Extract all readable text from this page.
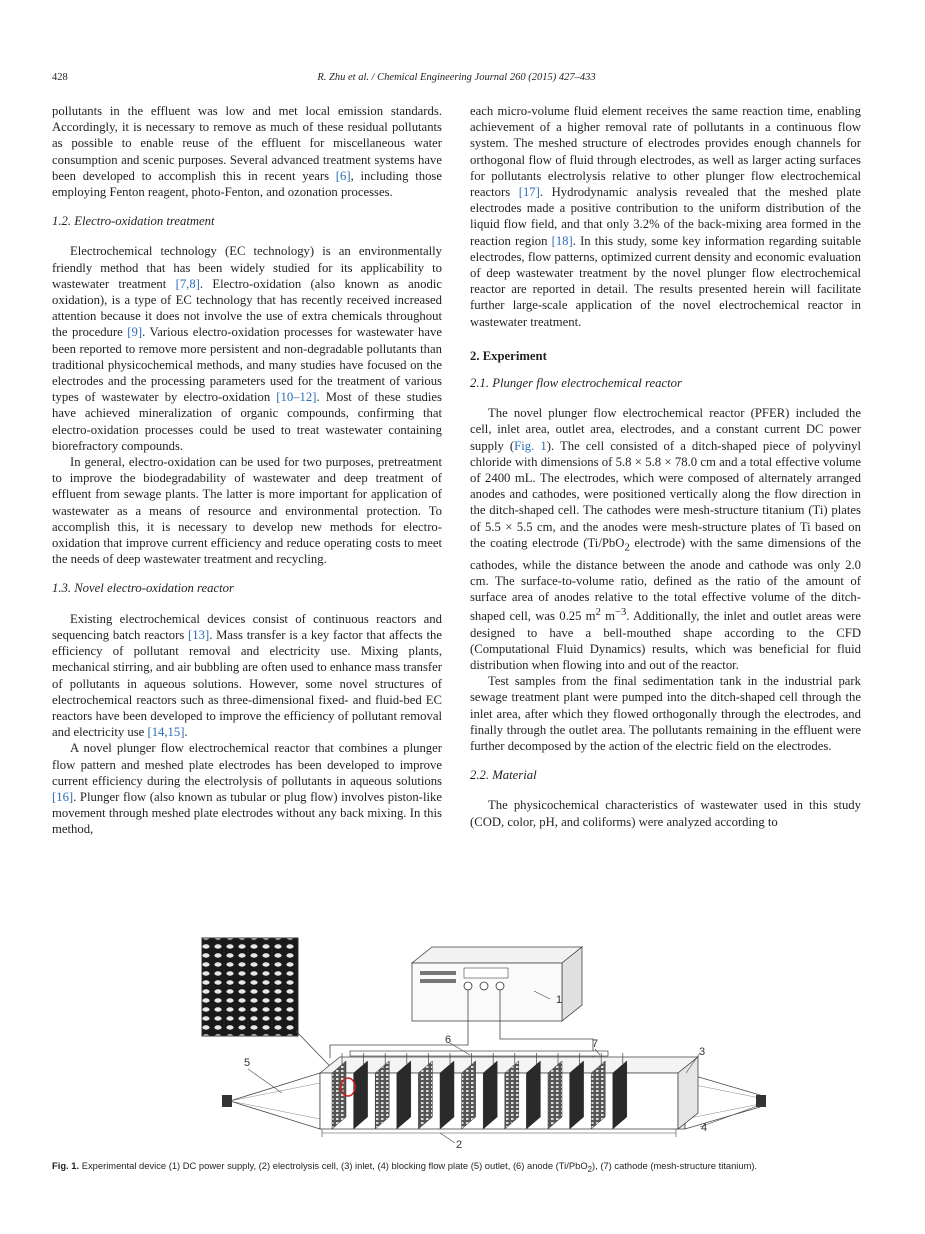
428	R. Zhu et al. / Chemical Engineering Journal 260 (2015) 427–433

pollutants in the effluent was low and met local emission standards. Accordingly, it is necessary to remove as much of these residual pollutants as possible to enable reuse of the effluent for miscellaneous water consumption and scenic purposes. Several advanced treatment systems have been developed to accomplish this in recent years [6], including those employing Fenton reagent, photo-Fenton, and ozonation processes.

1.2. Electro-oxidation treatment

Electrochemical technology (EC technology) is an environmentally friendly method that has been widely studied for its applicability to wastewater treatment [7,8]. Electro-oxidation (also known as anodic oxidation), is a type of EC technology that has recently received increased attention because it does not involve the use of extra chemicals throughout the procedure [9]. Various electro-oxidation processes for wastewater have been reported to remove more persistent and non-degradable pollutants than traditional physicochemical methods, and many studies have focused on the electrodes and the processing parameters used for the treatment of various types of wastewater by electro-oxidation [10–12]. Most of these studies have achieved mineralization of organic compounds, confirming that electro-oxidation processes could be used to treat wastewater containing biorefractory compounds.

In general, electro-oxidation can be used for two purposes, pretreatment to improve the biodegradability of wastewater and deep treatment of effluent from sewage plants. The latter is more important for application of wastewater as a means of resource and environmental protection. To accomplish this, it is necessary to develop new methods for electro-oxidation that improve current efficiency and reduce operating costs to meet the needs of deep wastewater treatment and recycling.

1.3. Novel electro-oxidation reactor

Existing electrochemical devices consist of continuous reactors and sequencing batch reactors [13]. Mass transfer is a key factor that affects the efficiency of pollutant removal and electricity use. Mixing plants, mechanical stirring, and air bubbling are often used to enhance mass transfer of pollutants in aqueous solutions. However, some novel structures of electrochemical reactors such as three-dimensional fixed- and fluid-bed EC reactors have been developed to improve the efficiency of pollutant removal and electricity use [14,15].

A novel plunger flow electrochemical reactor that combines a plunger flow pattern and meshed plate electrodes has been developed to improve current efficiency during the electrolysis of pollutants in aqueous solutions [16]. Plunger flow (also known as tubular or plug flow) involves piston-like movement through meshed plate electrodes without any back mixing. In this method,

each micro-volume fluid element receives the same reaction time, enabling achievement of a higher removal rate of pollutants in a continuous flow system. The meshed structure of electrodes provides enough channels for orthogonal flow of fluid through electrodes, as well as larger acting surfaces for pollutants electrolysis relative to other plunger flow electrochemical reactors [17]. Hydrodynamic analysis revealed that the meshed plate electrodes made a positive contribution to the uniform distribution of the liquid flow field, and that only 3.2% of the back-mixing area formed in the reaction region [18]. In this study, some key information regarding suitable electrodes, flow patterns, optimized current density and economic evaluation of deep wastewater treatment by the novel plunger flow electrochemical reactor are reported in detail. The results presented herein will facilitate further large-scale application of the novel electrochemical reactor in wastewater treatment.

2. Experiment
2.1. Plunger flow electrochemical reactor

The novel plunger flow electrochemical reactor (PFER) included the cell, inlet area, outlet area, electrodes, and a constant current DC power supply (Fig. 1). The cell consisted of a ditch-shaped piece of polyvinyl chloride with dimensions of 5.8 × 5.8 × 78.0 cm and a total effective volume of 2400 mL. The electrodes, which were composed of alternately arranged anodes and cathodes, were positioned vertically along the flow direction in the ditch-shaped cell. The cathodes were mesh-structure titanium (Ti) plates of 5.5 × 5.5 cm, and the anodes were mesh-structure plates of Ti based on the coating electrode (Ti/PbO$_2$ electrode) with the same dimensions of the cathodes, while the distance between the anode and cathode was only 2.0 cm. The surface-to-volume ratio, defined as the ratio of the amount of surface area of anodes relative to the total effective volume of the ditch-shaped cell, was 0.25 $m^2$ $m^{-3}$. Additionally, the inlet and outlet areas were designed to have a bell-mouthed shape according to the CFD (Computational Fluid Dynamics) results, which was beneficial for fluid distribution when flowing into and out of the reactor.

Test samples from the final sedimentation tank in the industrial park sewage treatment plant were pumped into the ditch-shaped cell through the inlet area, after which they flowed orthogonally through the electrodes, and finally through the outlet area. The pollutants remaining in the effluent were further decomposed by the action of the electric field on the electrodes.

2.2. Material

The physicochemical characteristics of wastewater used in this study (COD, color, pH, and coliforms) were analyzed according to

1
2
3
4
5
6	7
Fig. 1. Experimental device (1) DC power supply, (2) electrolysis cell, (3) inlet, (4) blocking flow plate (5) outlet, (6) anode (Ti/PbO$_2$), (7) cathode (mesh-structure titanium).
